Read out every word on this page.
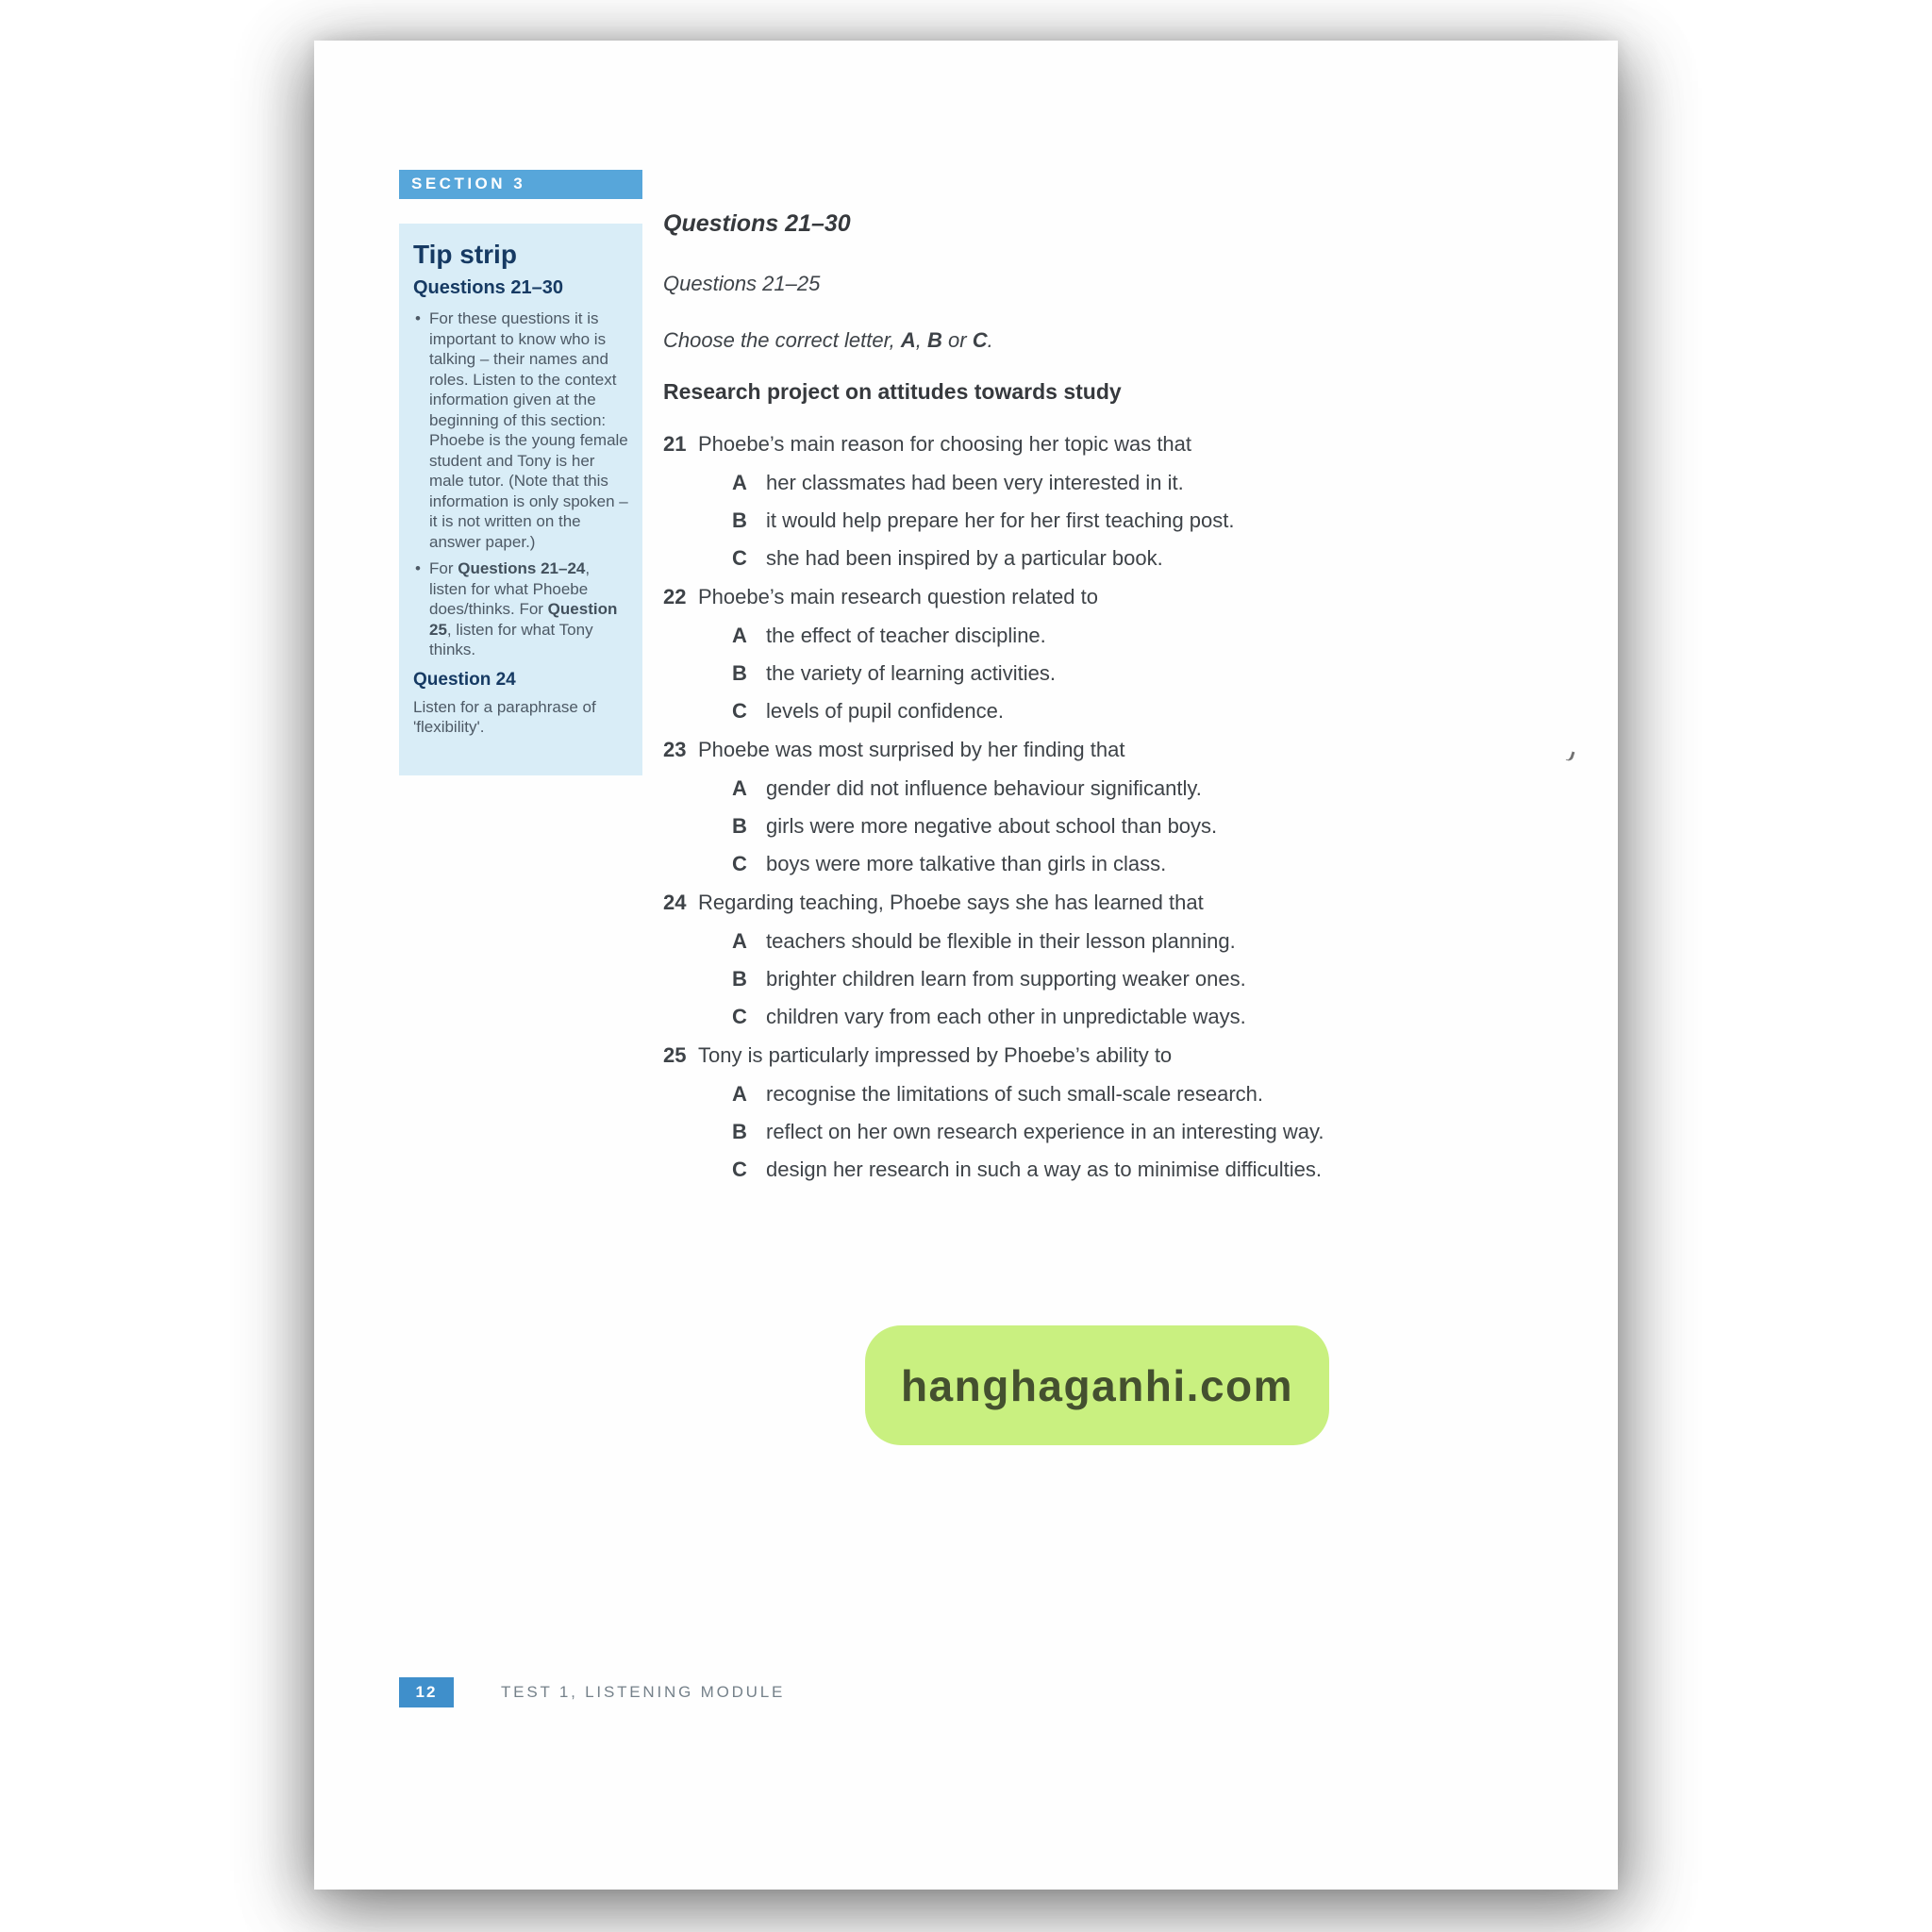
SECTION 3
Tip strip
Questions 21–30
• For these questions it is important to know who is talking – their names and roles. Listen to the context information given at the beginning of this section: Phoebe is the young female student and Tony is her male tutor. (Note that this information is only spoken – it is not written on the answer paper.)
• For Questions 21–24, listen for what Phoebe does/thinks. For Question 25, listen for what Tony thinks.
Question 24
Listen for a paraphrase of 'flexibility'.
Questions 21–30
Questions 21–25
Choose the correct letter, A, B or C.
Research project on attitudes towards study
21 Phoebe’s main reason for choosing her topic was that
A her classmates had been very interested in it.
B it would help prepare her for her first teaching post.
C she had been inspired by a particular book.
22 Phoebe’s main research question related to
A the effect of teacher discipline.
B the variety of learning activities.
C levels of pupil confidence.
23 Phoebe was most surprised by her finding that
A gender did not influence behaviour significantly.
B girls were more negative about school than boys.
C boys were more talkative than girls in class.
24 Regarding teaching, Phoebe says she has learned that
A teachers should be flexible in their lesson planning.
B brighter children learn from supporting weaker ones.
C children vary from each other in unpredictable ways.
25 Tony is particularly impressed by Phoebe’s ability to
A recognise the limitations of such small-scale research.
B reflect on her own research experience in an interesting way.
C design her research in such a way as to minimise difficulties.
hanghaganhi.com
12	TEST 1, LISTENING MODULE
